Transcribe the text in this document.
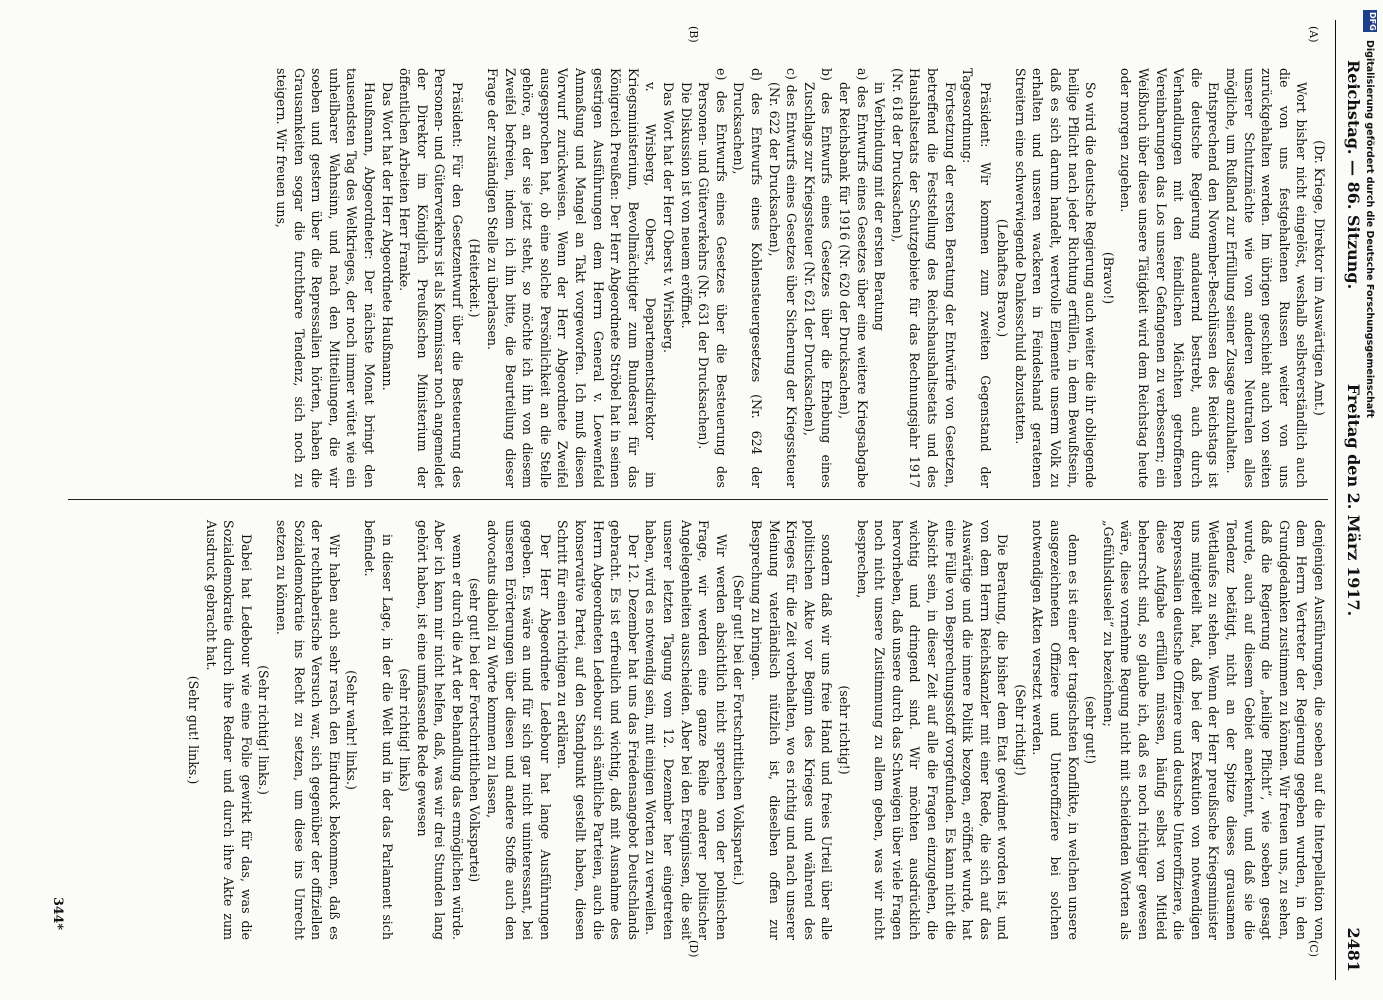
Reichstag. — 86. Sitzung.
Freitag den 2. März 1917.
2481
(A)
(B)
(C)
(D)

(Dr. Kriege, Direktor im Auswärtigen Amt.)

Wort bisher nicht eingelöst, weshalb selbstverständlich auch die von uns festgehaltenen Russen weiter von uns zurückgehalten werden. Im übrigen geschieht auch von seiten unserer Schutzmächte wie von anderen Neutralen alles mögliche, um Rußland zur Erfüllung seiner Zusage anzuhalten.

Entsprechend den November-Beschlüssen des Reichstags ist die deutsche Regierung andauernd bestrebt, auch durch Verhandlungen mit den feindlichen Mächten getroffenen Vereinbarungen das Los unserer Gefangenen zu verbessern; ein Weißbuch über diese unsere Tätigkeit wird dem Reichstag heute oder morgen zugehen.

(Bravo!)

So wird die deutsche Regierung auch weiter die ihr obliegende heilige Pflicht nach jeder Richtung erfüllen, in dem Bewußtsein, daß es sich darum handelt, wertvolle Elemente unserm Volk zu erhalten und unseren wackeren in Feindeshand geratenen Streitern eine schwerwiegende Dankesschuld abzustatten.

(Lebhaftes Bravo.)

Präsident: Wir kommen zum zweiten Gegenstand der Tagesordnung:

Fortsetzung der ersten Beratung der Entwürfe von Gesetzen, betreffend die Feststellung des Reichshaushaltsetats und des Haushaltsetats der Schutzgebiete für das Rechnungsjahr 1917 (Nr. 618 der Drucksachen),

in Verbindung mit der ersten Beratung

a) des Entwurfs eines Gesetzes über eine weitere Kriegsabgabe der Reichsbank für 1916 (Nr. 620 der Drucksachen),

b) des Entwurfs eines Gesetzes über die Erhebung eines Zuschlags zur Kriegssteuer (Nr. 621 der Drucksachen),

c) des Entwurfs eines Gesetzes über Sicherung der Kriegssteuer (Nr. 622 der Drucksachen),

d) des Entwurfs eines Kohlensteuergesetzes (Nr. 624 der Drucksachen),

e) des Entwurfs eines Gesetzes über die Besteuerung des Personen- und Güterverkehrs (Nr. 631 der Drucksachen).

Die Diskussion ist von neuem eröffnet.

Das Wort hat der Herr Oberst v. Wrisberg.

v. Wrisberg, Oberst, Departementsdirektor im Kriegsministerium, Bevollmächtigter zum Bundesrat für das Königreich Preußen: Der Herr Abgeordnete Ströbel hat in seinen gestrigen Ausführungen dem Herrn General v. Loewenfeld Anmaßung und Mangel an Takt vorgeworfen. Ich muß diesen Vorwurf zurückweisen. Wenn der Herr Abgeordnete Zweifel ausgesprochen hat, ob eine solche Persönlichkeit an die Stelle gehöre, an der sie jetzt steht, so möchte ich ihn von diesem Zweifel befreien, indem ich ihn bitte, die Beurteilung dieser Frage der zuständigen Stelle zu überlassen.

(Heiterkeit.)

Präsident: Für den Gesetzentwurf über die Besteuerung des Personen- und Güterverkehrs ist als Kommissar noch angemeldet der Direktor im Königlich Preußischen Ministerium der öffentlichen Arbeiten Herr Franke.

Das Wort hat der Herr Abgeordnete Haußmann.

Haußmann, Abgeordneter: Der nächste Monat bringt den tausendsten Tag des Weltkrieges, der noch immer wütet wie ein unheilbarer Wahnsinn, und nach den Mitteilungen, die wir soeben und gestern über die Repressalien hörten, haben die Grausamkeiten sogar die furchtbare Tendenz, sich noch zu steigern. Wir freuen uns,

denjenigen Ausführungen, die soeben auf die Interpellation von dem Herrn Vertreter der Regierung gegeben wurden, in den Grundgedanken zustimmen zu können. Wir freuen uns, zu sehen, daß die Regierung die „heilige Pflicht“, wie soeben gesagt wurde, auch auf diesem Gebiet anerkennt, und daß sie die Tendenz betätigt, nicht an der Spitze dieses grausamen Wettlaufes zu stehen. Wenn der Herr preußische Kriegsminister uns mitgeteilt hat, daß bei der Exekution von notwendigen Repressalien deutsche Offiziere und deutsche Unteroffiziere, die diese Aufgabe erfüllen müssen, häufig selbst von Mitleid beherrscht sind, so glaube ich, daß es noch richtiger gewesen wäre, diese vornehme Regung nicht mit scheidenden Worten als „Gefühlsduselei“ zu bezeichnen;

(sehr gut!)

denn es ist einer der tragischsten Konflikte, in welchen unsere ausgezeichneten Offiziere und Unteroffiziere bei solchen notwendigen Akten versetzt werden.

(Sehr richtig!)

Die Beratung, die bisher dem Etat gewidmet worden ist, und von dem Herrn Reichskanzler mit einer Rede, die sich auf das Auswärtige und die innere Politik bezogen, eröffnet wurde, hat eine Fülle von Besprechungsstoff vorgefunden. Es kann nicht die Absicht sein, in dieser Zeit auf alle die Fragen einzugehen, die wichtig und dringend sind. Wir möchten ausdrücklich hervorheben, daß unsere durch das Schweigen über viele Fragen noch nicht unsere Zustimmung zu allem geben, was wir nicht besprechen,

(sehr richtig!)

sondern daß wir uns freie Hand und freies Urteil über alle politischen Akte vor Beginn des Krieges und während des Krieges für die Zeit vorbehalten, wo es richtig und nach unserer Meinung vaterländisch nützlich ist, dieselben offen zur Besprechung zu bringen.

(Sehr gut! bei der Fortschrittlichen Volkspartei.)

Wir werden absichtlich nicht sprechen von der polnischen Frage, wir werden eine ganze Reihe anderer politischer Angelegenheiten ausscheiden. Aber bei den Ereignissen, die seit unserer letzten Tagung vom 12. Dezember her eingetreten haben, wird es notwendig sein, mit einigen Worten zu verweilen.

Der 12. Dezember hat uns das Friedensangebot Deutschlands gebracht. Es ist erfreulich und wichtig, daß mit Ausnahme des Herrn Abgeordneten Ledebour sich sämtliche Parteien, auch die konservative Partei, auf den Standpunkt gestellt haben, diesen Schritt für einen richtigen zu erklären.

Der Herr Abgeordnete Ledebour hat lange Ausführungen gegeben. Es wäre an und für sich gar nicht uninteressant, bei unseren Erörterungen über diesen und andere Stoffe auch den advocatus diaboli zu Worte kommen zu lassen,

(sehr gut! bei der Fortschrittlichen Volkspartei)

wenn er durch die Art der Behandlung das ermöglichen würde. Aber ich kann mir nicht helfen, daß, was wir drei Stunden lang gehört haben, ist eine umfassende Rede gewesen

(sehr richtig! links)

in dieser Lage, in der die Welt und in der das Parlament sich befindet.

(Sehr wahr! links.)

Wir haben auch sehr rasch den Eindruck bekommen, daß es der rechthaberische Versuch war, sich gegenüber der offiziellen Sozialdemokratie ins Recht zu setzen, um diese ins Unrecht setzen zu können.

(Sehr richtig! links.)

Dabei hat Ledebour wie eine Folie gewirkt für das, was die Sozialdemokratie durch ihre Redner und durch ihre Akte zum Ausdruck gebracht hat.

(Sehr gut! links.)

344*
DFG
Digitalisierung gefördert durch die Deutsche Forschungsgemeinschaft
